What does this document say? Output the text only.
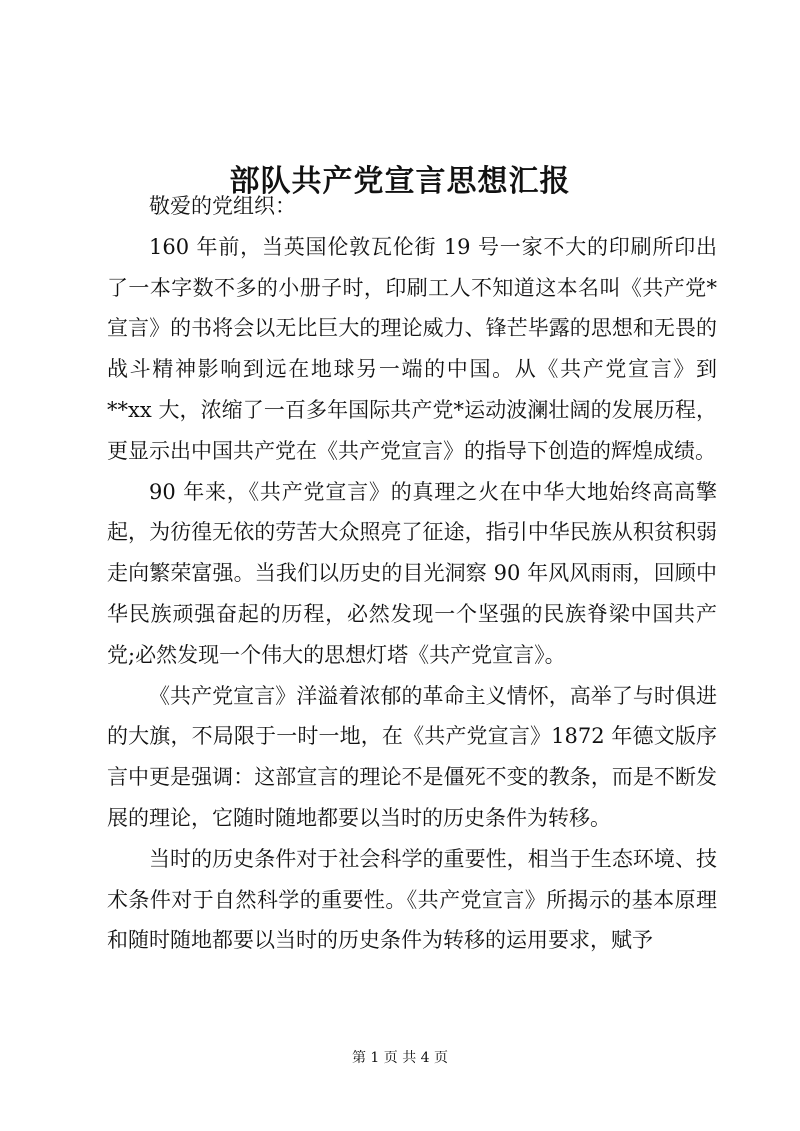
部队共产党宣言思想汇报

敬爱的党组织：

160 年前，当英国伦敦瓦伦街 19 号一家不大的印刷所印出了一本字数不多的小册子时，印刷工人不知道这本名叫《共产党*宣言》的书将会以无比巨大的理论威力、锋芒毕露的思想和无畏的战斗精神影响到远在地球另一端的中国。从《共产党宣言》到**xx 大，浓缩了一百多年国际共产党*运动波澜壮阔的发展历程，更显示出中国共产党在《共产党宣言》的指导下创造的辉煌成绩。

90 年来，《共产党宣言》的真理之火在中华大地始终高高擎起，为彷徨无依的劳苦大众照亮了征途，指引中华民族从积贫积弱走向繁荣富强。当我们以历史的目光洞察 90 年风风雨雨，回顾中华民族顽强奋起的历程，必然发现一个坚强的民族脊梁中国共产党;必然发现一个伟大的思想灯塔《共产党宣言》。

《共产党宣言》洋溢着浓郁的革命主义情怀，高举了与时俱进的大旗，不局限于一时一地，在《共产党宣言》1872 年德文版序言中更是强调：这部宣言的理论不是僵死不变的教条，而是不断发展的理论，它随时随地都要以当时的历史条件为转移。

当时的历史条件对于社会科学的重要性，相当于生态环境、技术条件对于自然科学的重要性。《共产党宣言》所揭示的基本原理和随时随地都要以当时的历史条件为转移的运用要求，赋予

第 1 页 共 4 页
